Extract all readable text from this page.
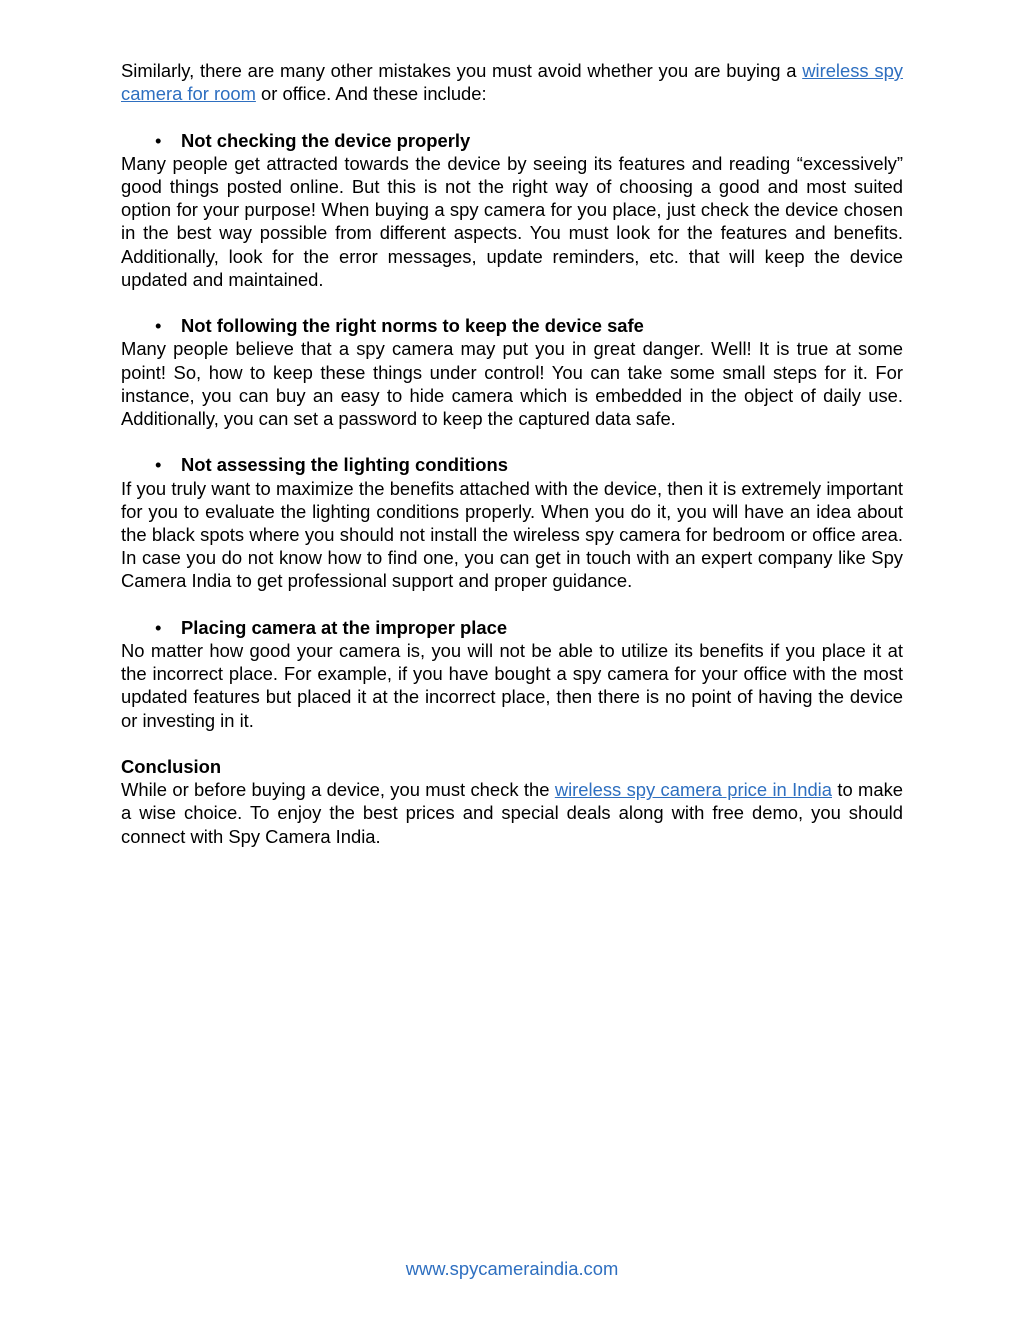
Similarly, there are many other mistakes you must avoid whether you are buying a wireless spy camera for room or office. And these include:

• Not checking the device properly

Many people get attracted towards the device by seeing its features and reading “excessively” good things posted online. But this is not the right way of choosing a good and most suited option for your purpose! When buying a spy camera for you place, just check the device chosen in the best way possible from different aspects. You must look for the features and benefits. Additionally, look for the error messages, update reminders, etc. that will keep the device updated and maintained.

• Not following the right norms to keep the device safe

Many people believe that a spy camera may put you in great danger. Well! It is true at some point! So, how to keep these things under control! You can take some small steps for it. For instance, you can buy an easy to hide camera which is embedded in the object of daily use. Additionally, you can set a password to keep the captured data safe.

• Not assessing the lighting conditions

If you truly want to maximize the benefits attached with the device, then it is extremely important for you to evaluate the lighting conditions properly. When you do it, you will have an idea about the black spots where you should not install the wireless spy camera for bedroom or office area. In case you do not know how to find one, you can get in touch with an expert company like Spy Camera India to get professional support and proper guidance.

• Placing camera at the improper place

No matter how good your camera is, you will not be able to utilize its benefits if you place it at the incorrect place. For example, if you have bought a spy camera for your office with the most updated features but placed it at the incorrect place, then there is no point of having the device or investing in it.

Conclusion

While or before buying a device, you must check the wireless spy camera price in India to make a wise choice. To enjoy the best prices and special deals along with free demo, you should connect with Spy Camera India.

www.spycameraindia.com
